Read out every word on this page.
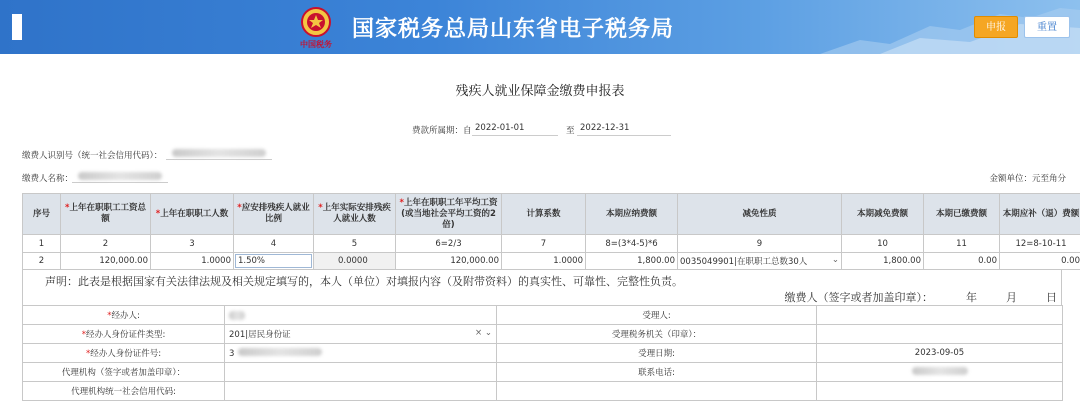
中国税务
国家税务总局山东省电子税务局	申报	重置
残疾人就业保障金缴费申报表
费款所属期：自 2022-01-01	至 2022-12-31
缴费人识别号（统一社会信用代码）：
缴费人名称：	金额单位：元至角分
序号	*上年在职职工工资总额	*上年在职职工人数	*应安排残疾人就业比例	*上年实际安排残疾人就业人数	*上年在职职工年平均工资(或当地社会平均工资的2倍)	计算系数	本期应纳费额	减免性质	本期减免费额	本期已缴费额	本期应补（退）费额
1	2	3	4	5	6=2/3	7	8=(3*4-5)*6	9	10	11	12=8-10-11
2	120,000.00	1.0000	1.50%	0.0000	120,000.00	1.0000	1,800.00	0035049901|在职职工总数30人 ⌄	1,800.00	0.00	0.00
声明：此表是根据国家有关法律法规及相关规定填写的，本人（单位）对填报内容（及附带资料）的真实性、可靠性、完整性负责。
缴费人（签字或者加盖印章）：	年	月	日
*经办人:		受理人:	
*经办人身份证件类型:	201|居民身份证 × ⌄	受理税务机关（印章）：	
*经办人身份证件号:	3	受理日期:	2023-09-05
代理机构（签字或者加盖印章）：		联系电话:	
代理机构统一社会信用代码:			
